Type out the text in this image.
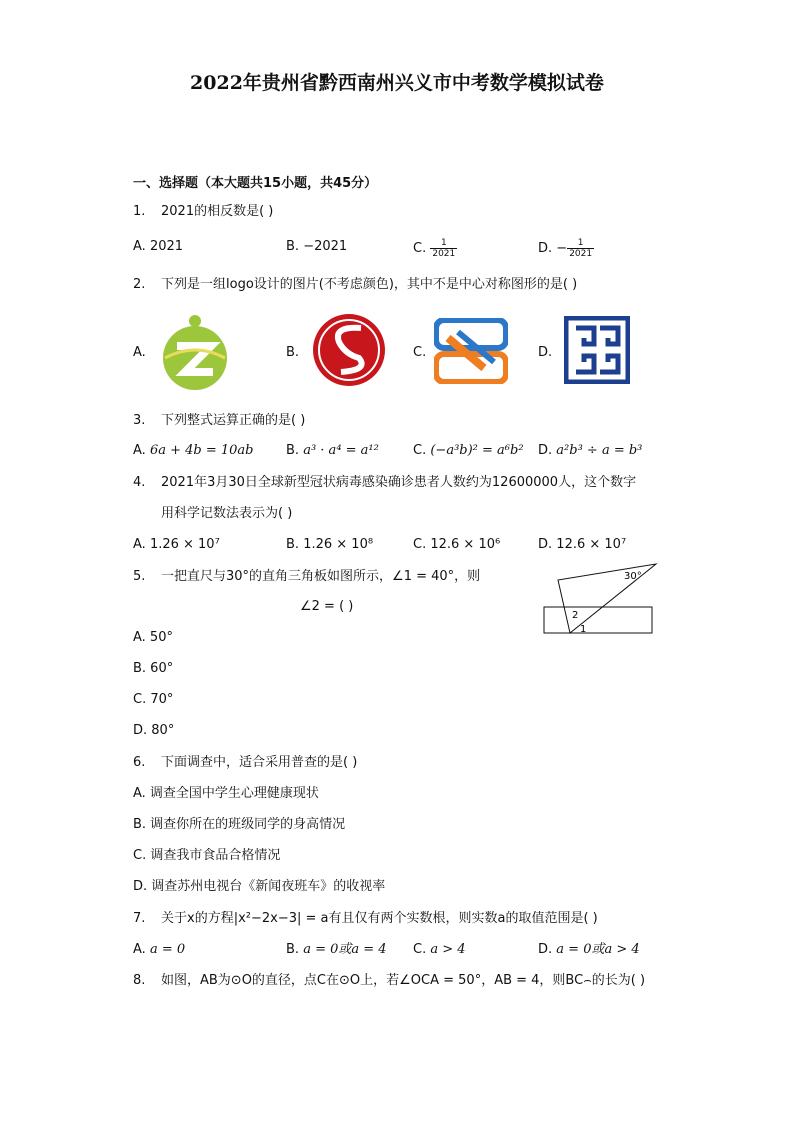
2022年贵州省黔西南州兴义市中考数学模拟试卷
一、选择题（本大题共15小题，共45分）
1. 2021的相反数是( )
A. 2021	B. −2021	C. $\frac{1}{2021}$	D. − $\frac{1}{2021}$
2. 下列是一组logo设计的图片(不考虑颜色)，其中不是中心对称图形的是( )
A.	B.	C.	D.
3. 下列整式运算正确的是( )
A. 6a + 4b = 10ab	B. a³ · a⁴ = a¹²	C. (−a³b)² = a⁶b² D. a²b³ ÷ a = b³
4. 2021年3月30日全球新型冠状病毒感染确诊患者人数约为12600000人，这个数字
用科学记数法表示为( )
A. 1.26 × 10⁷	B. 1.26 × 10⁸	C. 12.6 × 10⁶	D. 12.6 × 10⁷
5. 一把直尺与30°的直角三角板如图所示，∠1 = 40°，则
∠2 = ( )
30°
2
1
A. 50°
B. 60°
C. 70°
D. 80°
6. 下面调查中，适合采用普查的是( )
A. 调查全国中学生心理健康现状
B. 调查你所在的班级同学的身高情况
C. 调查我市食品合格情况
D. 调查苏州电视台《新闻夜班车》的收视率
7. 关于x的方程|x²−2x−3| = a有且仅有两个实数根，则实数a的取值范围是( )
A. a = 0	B. a = 0或a = 4 C. a > 4	D. a = 0或a > 4
8. 如图，AB为⊙O的直径，点C在⊙O上，若∠OCA = 50°，AB = 4，则BC⌢的长为( )
